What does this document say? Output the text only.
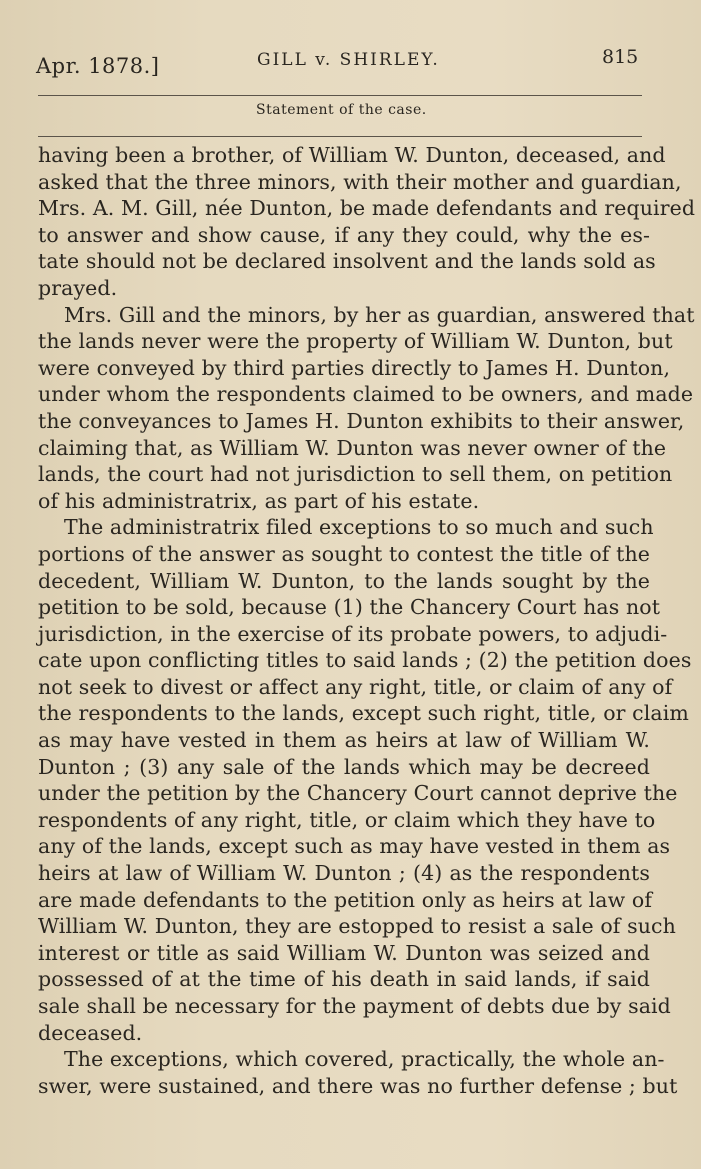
Apr. 1878.]	GILL v. SHIRLEY.	815
Statement of the case.
having been a brother, of William W. Dunton, deceased, and
asked that the three minors, with their mother and guardian,
Mrs. A. M. Gill, née Dunton, be made defendants and required
to answer and show cause, if any they could, why the es-
tate should not be declared insolvent and the lands sold as
prayed.
Mrs. Gill and the minors, by her as guardian, answered that
the lands never were the property of William W. Dunton, but
were conveyed by third parties directly to James H. Dunton,
under whom the respondents claimed to be owners, and made
the conveyances to James H. Dunton exhibits to their answer,
claiming that, as William W. Dunton was never owner of the
lands, the court had not jurisdiction to sell them, on petition
of his administratrix, as part of his estate.
The administratrix filed exceptions to so much and such
portions of the answer as sought to contest the title of the
decedent, William W. Dunton, to the lands sought by the
petition to be sold, because (1) the Chancery Court has not
jurisdiction, in the exercise of its probate powers, to adjudi-
cate upon conflicting titles to said lands ; (2) the petition does
not seek to divest or affect any right, title, or claim of any of
the respondents to the lands, except such right, title, or claim
as may have vested in them as heirs at law of William W.
Dunton ; (3) any sale of the lands which may be decreed
under the petition by the Chancery Court cannot deprive the
respondents of any right, title, or claim which they have to
any of the lands, except such as may have vested in them as
heirs at law of William W. Dunton ; (4) as the respondents
are made defendants to the petition only as heirs at law of
William W. Dunton, they are estopped to resist a sale of such
interest or title as said William W. Dunton was seized and
possessed of at the time of his death in said lands, if said
sale shall be necessary for the payment of debts due by said
deceased.
The exceptions, which covered, practically, the whole an-
swer, were sustained, and there was no further defense ; but
